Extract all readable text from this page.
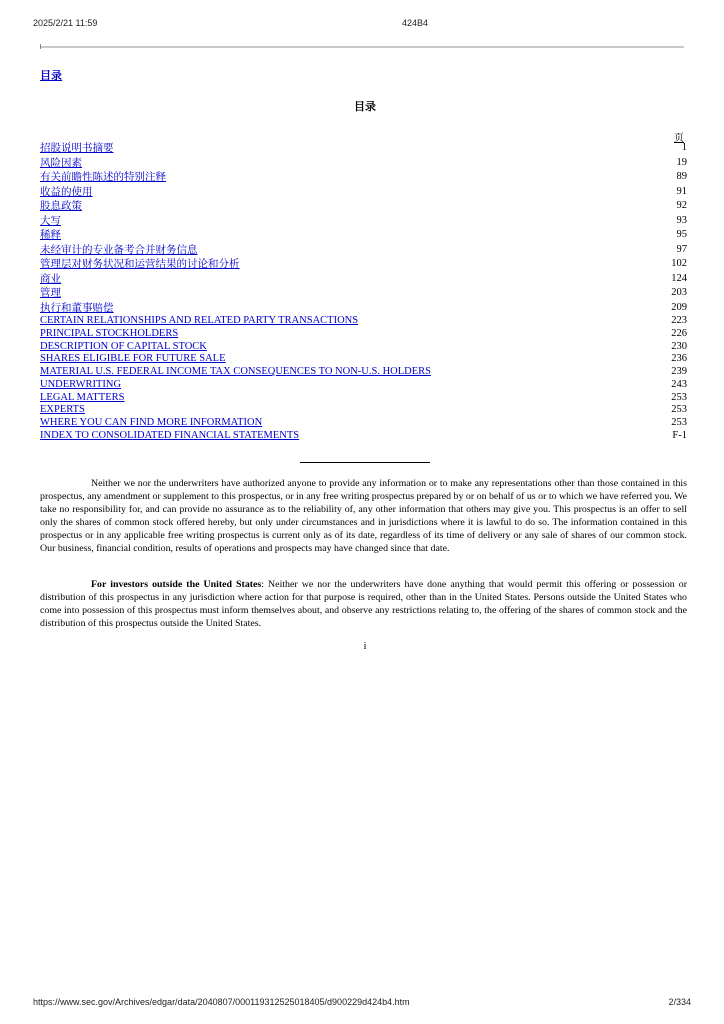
2025/2/21 11:59	424B4
目录
目录
页
招股说明书摘要	1
风险因素	19
有关前瞻性陈述的特别注释	89
收益的使用	91
股息政策	92
大写	93
稀释	95
未经审计的专业备考合并财务信息	97
管理层对财务状况和运营结果的讨论和分析	102
商业	124
管理	203
执行和董事赔偿	209
CERTAIN RELATIONSHIPS AND RELATED PARTY TRANSACTIONS	223
PRINCIPAL STOCKHOLDERS	226
DESCRIPTION OF CAPITAL STOCK	230
SHARES ELIGIBLE FOR FUTURE SALE	236
MATERIAL U.S. FEDERAL INCOME TAX CONSEQUENCES TO NON-U.S. HOLDERS	239
UNDERWRITING	243
LEGAL MATTERS	253
EXPERTS	253
WHERE YOU CAN FIND MORE INFORMATION	253
INDEX TO CONSOLIDATED FINANCIAL STATEMENTS	F-1

Neither we nor the underwriters have authorized anyone to provide any information or to make any representations other than those contained in this prospectus, any amendment or supplement to this prospectus, or in any free writing prospectus prepared by or on behalf of us or to which we have referred you. We take no responsibility for, and can provide no assurance as to the reliability of, any other information that others may give you. This prospectus is an offer to sell only the shares of common stock offered hereby, but only under circumstances and in jurisdictions where it is lawful to do so. The information contained in this prospectus or in any applicable free writing prospectus is current only as of its date, regardless of its time of delivery or any sale of shares of our common stock. Our business, financial condition, results of operations and prospects may have changed since that date.

For investors outside the United States: Neither we nor the underwriters have done anything that would permit this offering or possession or distribution of this prospectus in any jurisdiction where action for that purpose is required, other than in the United States. Persons outside the United States who come into possession of this prospectus must inform themselves about, and observe any restrictions relating to, the offering of the shares of common stock and the distribution of this prospectus outside the United States.

i
https://www.sec.gov/Archives/edgar/data/2040807/000119312525018405/d900229d424b4.htm	2/334
